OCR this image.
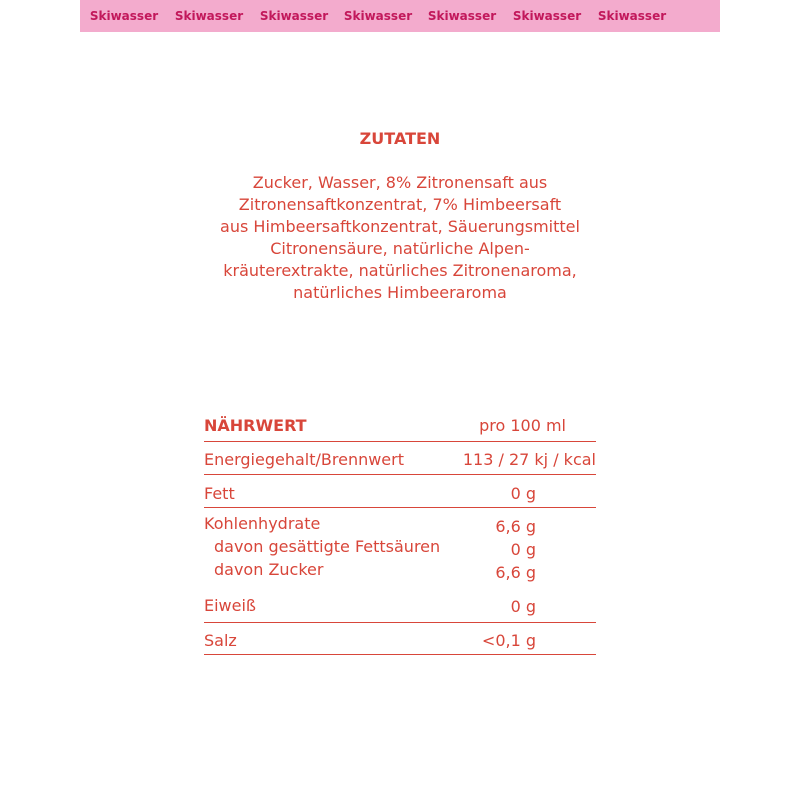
Skiwasser	Skiwasser	Skiwasser	Skiwasser	Skiwasser	Skiwasser	Skiwasser
ZUTATEN
Zucker, Wasser, 8% Zitronensaft aus
Zitronensaftkonzentrat, 7% Himbeersaft
aus Himbeersaftkonzentrat, Säuerungsmittel
Citronensäure, natürliche Alpen-
kräuterextrakte, natürliches Zitronenaroma,
natürliches Himbeeraroma
NÄHRWERT	pro 100 ml
Energiegehalt/Brennwert	113 / 27 kj / kcal
Fett	0 g
Kohlenhydrate	6,6 g
davon gesättigte Fettsäuren	0 g
davon Zucker	6,6 g
Eiweiß	0 g
Salz	<0,1 g
